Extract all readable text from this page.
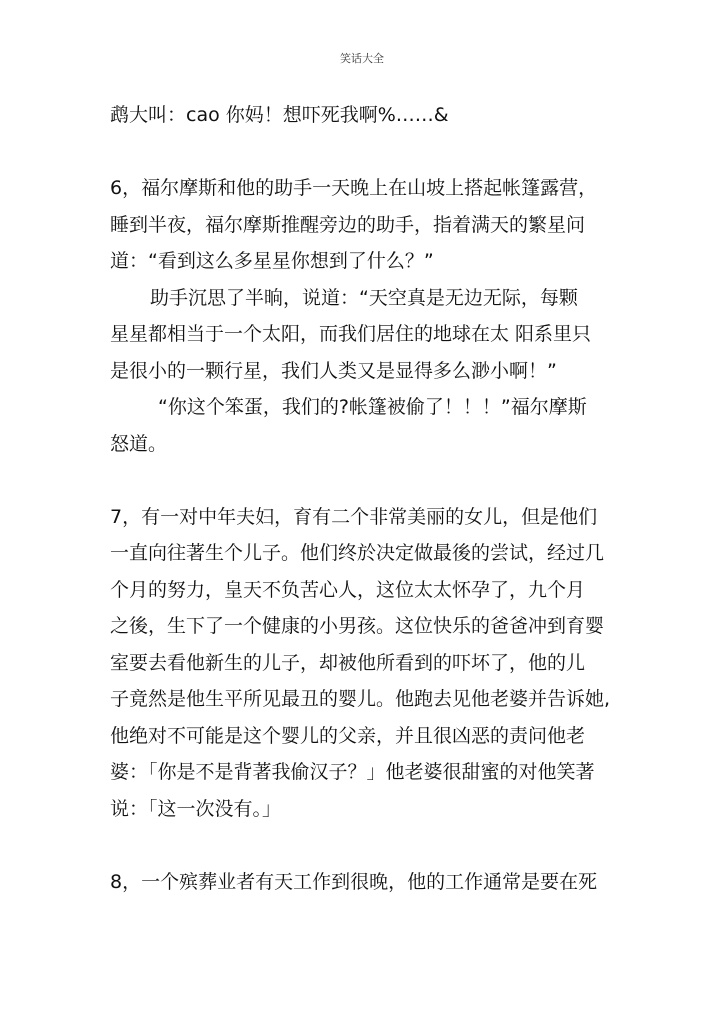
笑话大全
鹉大叫：cao 你妈！想吓死我啊%……&
6，福尔摩斯和他的助手一天晚上在山坡上搭起帐篷露营，
睡到半夜，福尔摩斯推醒旁边的助手，指着满天的繁星问
道：“看到这么多星星你想到了什么？”
助手沉思了半晌，说道：“天空真是无边无际，每颗
星星都相当于一个太阳，而我们居住的地球在太 阳系里只
是很小的一颗行星，我们人类又是显得多么渺小啊！”
“你这个笨蛋，我们的?帐篷被偷了！！！”福尔摩斯
怒道。
7，有一对中年夫妇，育有二个非常美丽的女儿，但是他们
一直向往著生个儿子。他们终於决定做最後的尝试，经过几
个月的努力，皇天不负苦心人，这位太太怀孕了，九个月
之後，生下了一个健康的小男孩。这位快乐的爸爸冲到育婴
室要去看他新生的儿子，却被他所看到的吓坏了，他的儿
子竟然是他生平所见最丑的婴儿。他跑去见他老婆并告诉她,
他绝对不可能是这个婴儿的父亲，并且很凶恶的责问他老
婆：「你是不是背著我偷汉子？」他老婆很甜蜜的对他笑著
说：「这一次没有。」
8，一个殡葬业者有天工作到很晚，他的工作通常是要在死
